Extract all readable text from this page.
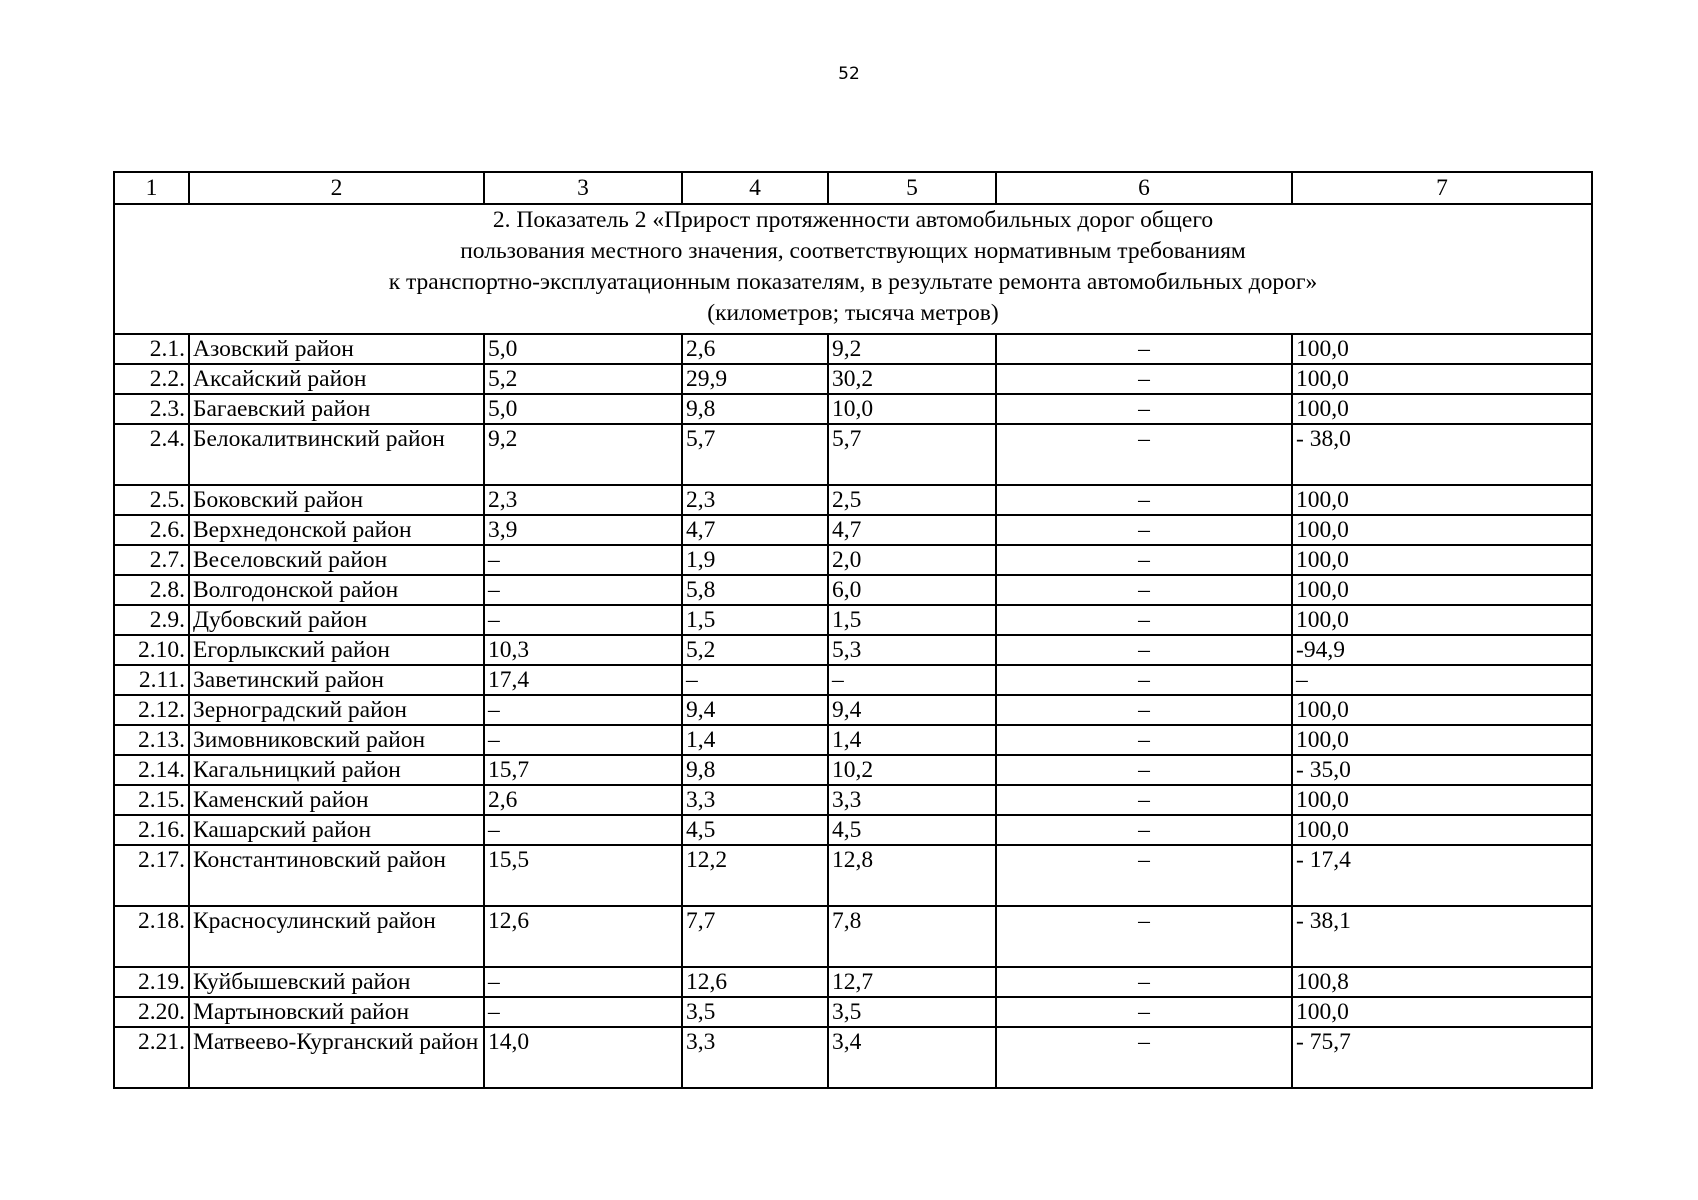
52
1	2	3	4	5	6	7

2. Показатель 2 «Прирост протяженности автомобильных дорог общего
пользования местного значения, соответствующих нормативным требованиям
к транспортно-эксплуатационным показателям, в результате ремонта автомобильных дорог»
(километров; тысяча метров)						

2.1.	Азовский район	5,0	2,6	9,2	–	100,0
2.2.	Аксайский район	5,2	29,9	30,2	–	100,0
2.3.	Багаевский район	5,0	9,8	10,0	–	100,0
2.4.	Белокалитвинский район	9,2	5,7	5,7	–	- 38,0
2.5.	Боковский район	2,3	2,3	2,5	–	100,0
2.6.	Верхнедонской район	3,9	4,7	4,7	–	100,0
2.7.	Веселовский район	–	1,9	2,0	–	100,0
2.8.	Волгодонской район	–	5,8	6,0	–	100,0
2.9.	Дубовский район	–	1,5	1,5	–	100,0
2.10.	Егорлыкский район	10,3	5,2	5,3	–	-94,9
2.11.	Заветинский район	17,4	–	–	–	–
2.12.	Зерноградский район	–	9,4	9,4	–	100,0
2.13.	Зимовниковский район	–	1,4	1,4	–	100,0
2.14.	Кагальницкий район	15,7	9,8	10,2	–	- 35,0
2.15.	Каменский район	2,6	3,3	3,3	–	100,0
2.16.	Кашарский район	–	4,5	4,5	–	100,0
2.17.	Константиновский район	15,5	12,2	12,8	–	- 17,4
2.18.	Красносулинский район	12,6	7,7	7,8	–	- 38,1
2.19.	Куйбышевский район	–	12,6	12,7	–	100,8
2.20.	Мартыновский район	–	3,5	3,5	–	100,0
2.21.	Матвеево-Курганский район	14,0	3,3	3,4	–	- 75,7
